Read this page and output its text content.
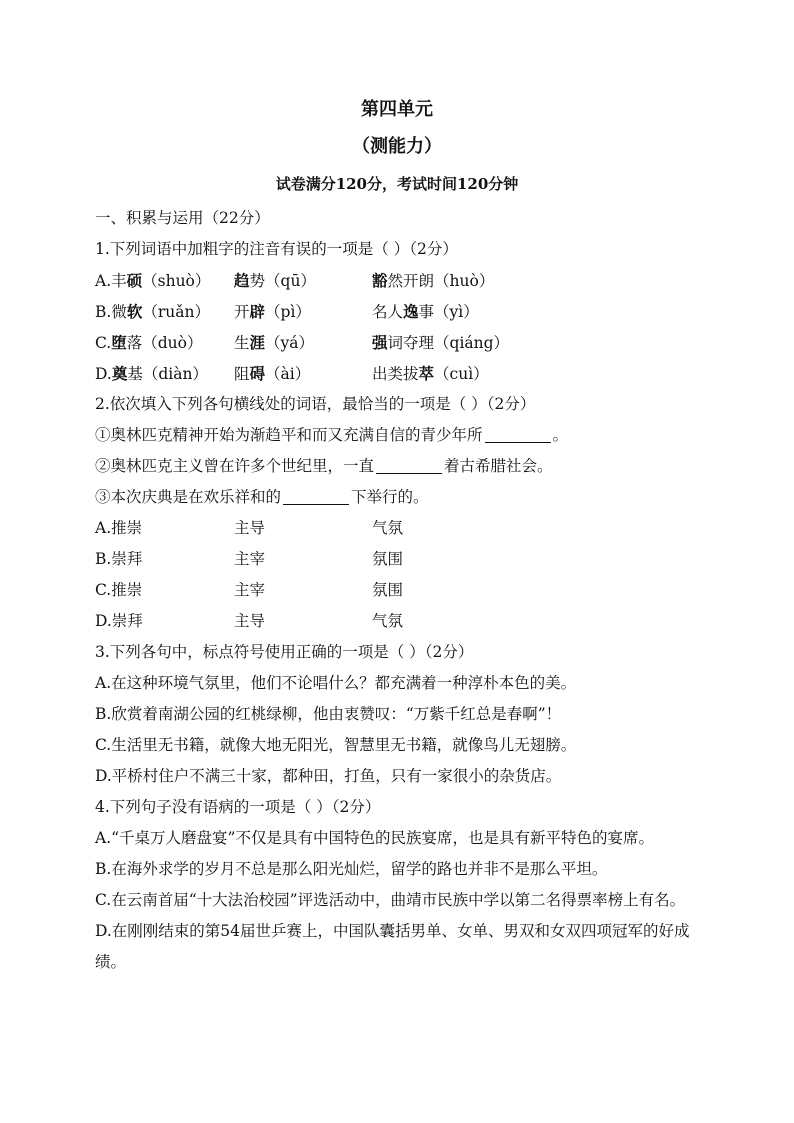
第四单元
（测能力）
试卷满分120分，考试时间120分钟
一、积累与运用（22分）
1.下列词语中加粗字的注音有误的一项是（ ）（2分）
A.丰硕（shuò）	趋势（qū）	豁然开朗（huò）
B.微软（ruǎn）	开辟（pì）	名人逸事（yì）
C.堕落（duò）	生涯（yá）	强词夺理（qiáng）
D.奠基（diàn）	阻碍（ài）	出类拔萃（cuì）
2.依次填入下列各句横线处的词语，最恰当的一项是（ ）（2分）
①奥林匹克精神开始为渐趋平和而又充满自信的青少年所	。
②奥林匹克主义曾在许多个世纪里，一直	着古希腊社会。
③本次庆典是在欢乐祥和的	下举行的。
A.推崇	主导	气氛
B.崇拜	主宰	氛围
C.推崇	主宰	氛围
D.崇拜	主导	气氛
3.下列各句中，标点符号使用正确的一项是（ ）（2分）
A.在这种环境气氛里，他们不论唱什么？都充满着一种淳朴本色的美。
B.欣赏着南湖公园的红桃绿柳，他由衷赞叹：“万紫千红总是春啊”！
C.生活里无书籍，就像大地无阳光，智慧里无书籍，就像鸟儿无翅膀。
D.平桥村住户不满三十家，都种田，打鱼，只有一家很小的杂货店。
4.下列句子没有语病的一项是（ ）（2分）
A.“千桌万人磨盘宴”不仅是具有中国特色的民族宴席，也是具有新平特色的宴席。
B.在海外求学的岁月不总是那么阳光灿烂，留学的路也并非不是那么平坦。
C.在云南首届“十大法治校园”评选活动中，曲靖市民族中学以第二名得票率榜上有名。
D.在刚刚结束的第54届世乒赛上，中国队囊括男单、女单、男双和女双四项冠军的好成绩。
